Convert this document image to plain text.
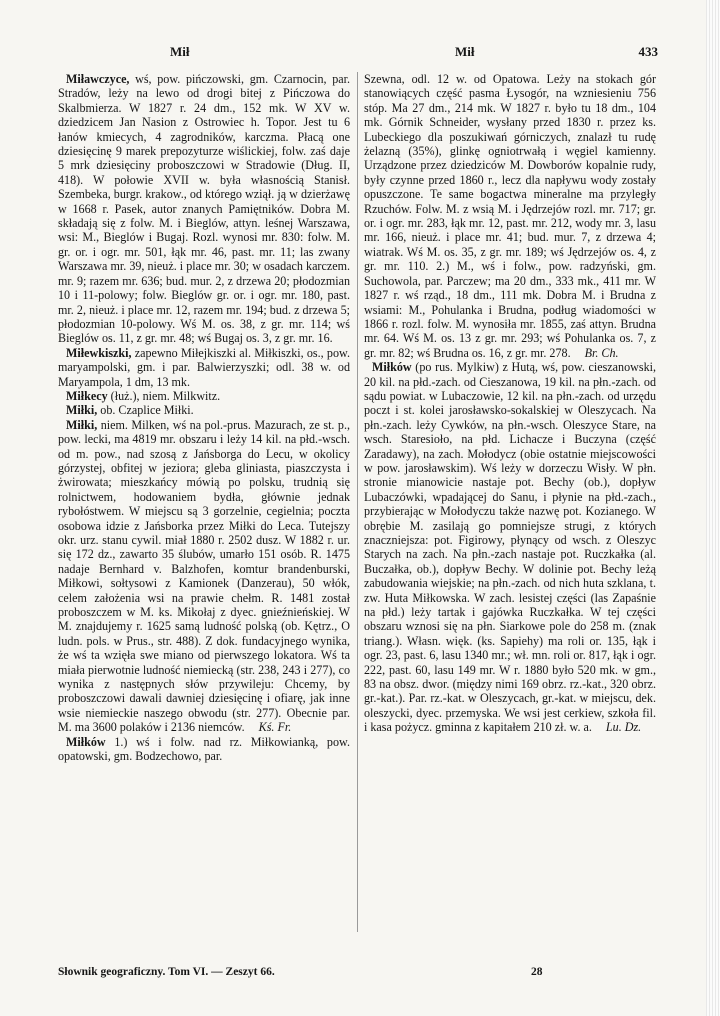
Mił	Mił	433

Miławczyce, wś, pow. pińczowski, gm. Czarnocin, par. Stradów, leży na lewo od drogi bitej z Pińczowa do Skalbmierza. W 1827 r. 24 dm., 152 mk. W XV w. dziedzicem Jan Nasion z Ostrowiec h. Topor. Jest tu 6 łanów kmiecych, 4 zagrodników, karczma. Płacą one dziesięcinę 9 marek prepozyturze wiślickiej, folw. zaś daje 5 mrk dziesięciny proboszczowi w Stradowie (Dług. II, 418). W połowie XVII w. była własnością Stanisł. Szembeka, burgr. krakow., od którego wziął. ją w dzierżawę w 1668 r. Pasek, autor znanych Pamiętników. Dobra M. składają się z folw. M. i Bieglów, attyn. leśnej Warszawa, wsi: M., Bieglów i Bugaj. Rozl. wynosi mr. 830: folw. M. gr. or. i ogr. mr. 501, łąk mr. 46, past. mr. 11; las zwany Warszawa mr. 39, nieuż. i place mr. 30; w osadach karczem. mr. 9; razem mr. 636; bud. mur. 2, z drzewa 20; płodozmian 10 i 11-polowy; folw. Bieglów gr. or. i ogr. mr. 180, past. mr. 2, nieuż. i place mr. 12, razem mr. 194; bud. z drzewa 5; płodozmian 10-polowy. Wś M. os. 38, z gr. mr. 114; wś Bieglów os. 11, z gr. mr. 48; wś Bugaj os. 3, z gr. mr. 16.

Miłewkiszki, zapewno Miłejkiszki al. Miłkiszki, os., pow. maryampolski, gm. i par. Balwierzyszki; odl. 38 w. od Maryampola, 1 dm, 13 mk.

Miłkecy (łuż.), niem. Milkwitz.

Miłki, ob. Czaplice Miłki.

Miłki, niem. Milken, wś na pol.-prus. Mazurach, ze st. p., pow. lecki, ma 4819 mr. obszaru i leży 14 kil. na płd.-wsch. od m. pow., nad szosą z Jańsborga do Lecu, w okolicy górzystej, obfitej w jeziora; gleba gliniasta, piaszczysta i żwirowata; mieszkańcy mówią po polsku, trudnią się rolnictwem, hodowaniem bydła, głównie jednak rybołóstwem. W miejscu są 3 gorzelnie, cegielnia; poczta osobowa idzie z Jańsborka przez Miłki do Leca. Tutejszy okr. urz. stanu cywil. miał 1880 r. 2502 dusz. W 1882 r. ur. się 172 dz., zawarto 35 ślubów, umarło 151 osób. R. 1475 nadaje Bernhard v. Balzhofen, komtur brandenburski, Miłkowi, sołtysowi z Kamionek (Danzerau), 50 włók, celem założenia wsi na prawie chełm. R. 1481 został proboszczem w M. ks. Mikołaj z dyec. gnieźnieńskiej. W M. znajdujemy r. 1625 samą ludność polską (ob. Kętrz., O ludn. pols. w Prus., str. 488). Z dok. fundacyjnego wynika, że wś ta wzięła swe miano od pierwszego lokatora. Wś ta miała pierwotnie ludność niemiecką (str. 238, 243 i 277), co wynika z następnych słów przywileju: Chcemy, by proboszczowi dawali dawniej dziesięcinę i ofiarę, jak inne wsie niemieckie naszego obwodu (str. 277). Obecnie par. M. ma 3600 polaków i 2136 niemców. Kś. Fr.

Miłków 1.) wś i folw. nad rz. Miłkowianką, pow. opatowski, gm. Bodzechowo, par.

Szewna, odl. 12 w. od Opatowa. Leży na stokach gór stanowiących część pasma Łysogór, na wzniesieniu 756 stóp. Ma 27 dm., 214 mk. W 1827 r. było tu 18 dm., 104 mk. Górnik Schneider, wysłany przed 1830 r. przez ks. Lubeckiego dla poszukiwań górniczych, znalazł tu rudę żelazną (35%), glinkę ogniotrwałą i węgiel kamienny. Urządzone przez dziedziców M. Dowborów kopalnie rudy, były czynne przed 1860 r., lecz dla napływu wody zostały opuszczone. Te same bogactwa mineralne ma przyległy Rzuchów. Folw. M. z wsią M. i Jędrzejów rozl. mr. 717; gr. or. i ogr. mr. 283, łąk mr. 12, past. mr. 212, wody mr. 3, lasu mr. 166, nieuż. i place mr. 41; bud. mur. 7, z drzewa 4; wiatrak. Wś M. os. 35, z gr. mr. 189; wś Jędrzejów os. 4, z gr. mr. 110. 2.) M., wś i folw., pow. radzyński, gm. Suchowola, par. Parczew; ma 20 dm., 333 mk., 411 mr. W 1827 r. wś rząd., 18 dm., 111 mk. Dobra M. i Brudna z wsiami: M., Pohulanka i Brudna, podług wiadomości w 1866 r. rozl. folw. M. wynosiła mr. 1855, zaś attyn. Brudna mr. 64. Wś M. os. 13 z gr. mr. 293; wś Pohulanka os. 7, z gr. mr. 82; wś Brudna os. 16, z gr. mr. 278. Br. Ch.

Miłków (po rus. Mylkiw) z Hutą, wś, pow. cieszanowski, 20 kil. na płd.-zach. od Cieszanowa, 19 kil. na płn.-zach. od sądu powiat. w Lubaczowie, 12 kil. na płn.-zach. od urzędu poczt i st. kolei jarosławsko-sokalskiej w Oleszycach. Na płn.-zach. leży Cywków, na płn.-wsch. Oleszyce Stare, na wsch. Staresioło, na płd. Lichacze i Buczyna (część Zaradawy), na zach. Mołodycz (obie ostatnie miejscowości w pow. jarosławskim). Wś leży w dorzeczu Wisły. W płn. stronie mianowicie nastaje pot. Bechy (ob.), dopływ Lubaczówki, wpadającej do Sanu, i płynie na płd.-zach., przybierając w Mołodyczu także nazwę pot. Kozianego. W obrębie M. zasilają go pomniejsze strugi, z których znaczniejsza: pot. Figirowy, płynący od wsch. z Oleszyc Starych na zach. Na płn.-zach nastaje pot. Ruczkałka (al. Buczałka, ob.), dopływ Bechy. W dolinie pot. Bechy leżą zabudowania wiejskie; na płn.-zach. od nich huta szklana, t. zw. Huta Miłkowska. W zach. lesistej części (las Zapaśnie na płd.) leży tartak i gajówka Ruczkałka. W tej części obszaru wznosi się na płn. Siarkowe pole do 258 m. (znak triang.). Własn. więk. (ks. Sapiehy) ma roli or. 135, łąk i ogr. 23, past. 6, lasu 1340 mr.; wł. mn. roli or. 817, łąk i ogr. 222, past. 60, lasu 149 mr. W r. 1880 było 520 mk. w gm., 83 na obsz. dwor. (między nimi 169 obrz. rz.-kat., 320 obrz. gr.-kat.). Par. rz.-kat. w Oleszycach, gr.-kat. w miejscu, dek. oleszycki, dyec. przemyska. We wsi jest cerkiew, szkoła fil. i kasa pożycz. gminna z kapitałem 210 zł. w. a. Lu. Dz.

Słownik geograficzny. Tom VI. — Zeszyt 66.	28
